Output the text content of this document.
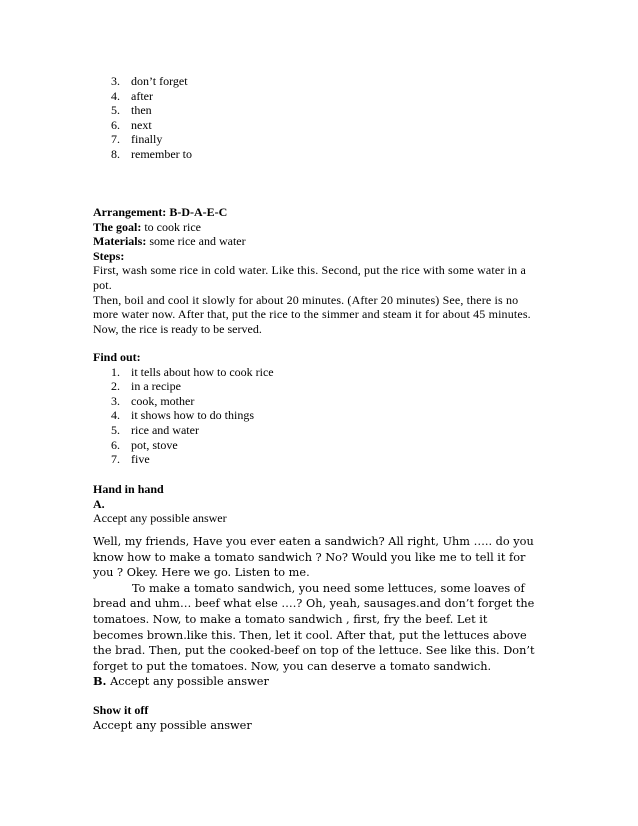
3. don’t forget
4. after
5. then
6. next
7. finally
8. remember to

Arrangement: B-D-A-E-C

The goal: to cook rice

Materials: some rice and water

Steps:

First, wash some rice in cold water. Like this. Second, put the rice with some water in a pot.

Then, boil and cool it slowly for about 20 minutes. (After 20 minutes) See, there is no more water now. After that, put the rice to the simmer and steam it for about 45 minutes.

Now, the rice is ready to be served.

Find out:

1. it tells about how to cook rice
2. in a recipe
3. cook, mother
4. it shows how to do things
5. rice and water
6. pot, stove
7. five

Hand in hand

A.

Accept any possible answer

Well, my friends, Have you ever eaten a sandwich? All right, Uhm ….. do you know how to make a tomato sandwich ? No? Would you like me to tell it for you ? Okey. Here we go. Listen to me.

To make a tomato sandwich, you need some lettuces, some loaves of bread and uhm… beef what else ….? Oh, yeah, sausages.and don’t forget the tomatoes. Now, to make a tomato sandwich , first, fry the beef. Let it becomes brown.like this. Then, let it cool. After that, put the lettuces above the brad. Then, put the cooked-beef on top of the lettuce. See like this. Don’t forget to put the tomatoes. Now, you can deserve a tomato sandwich.

B. Accept any possible answer

Show it off

Accept any possible answer
